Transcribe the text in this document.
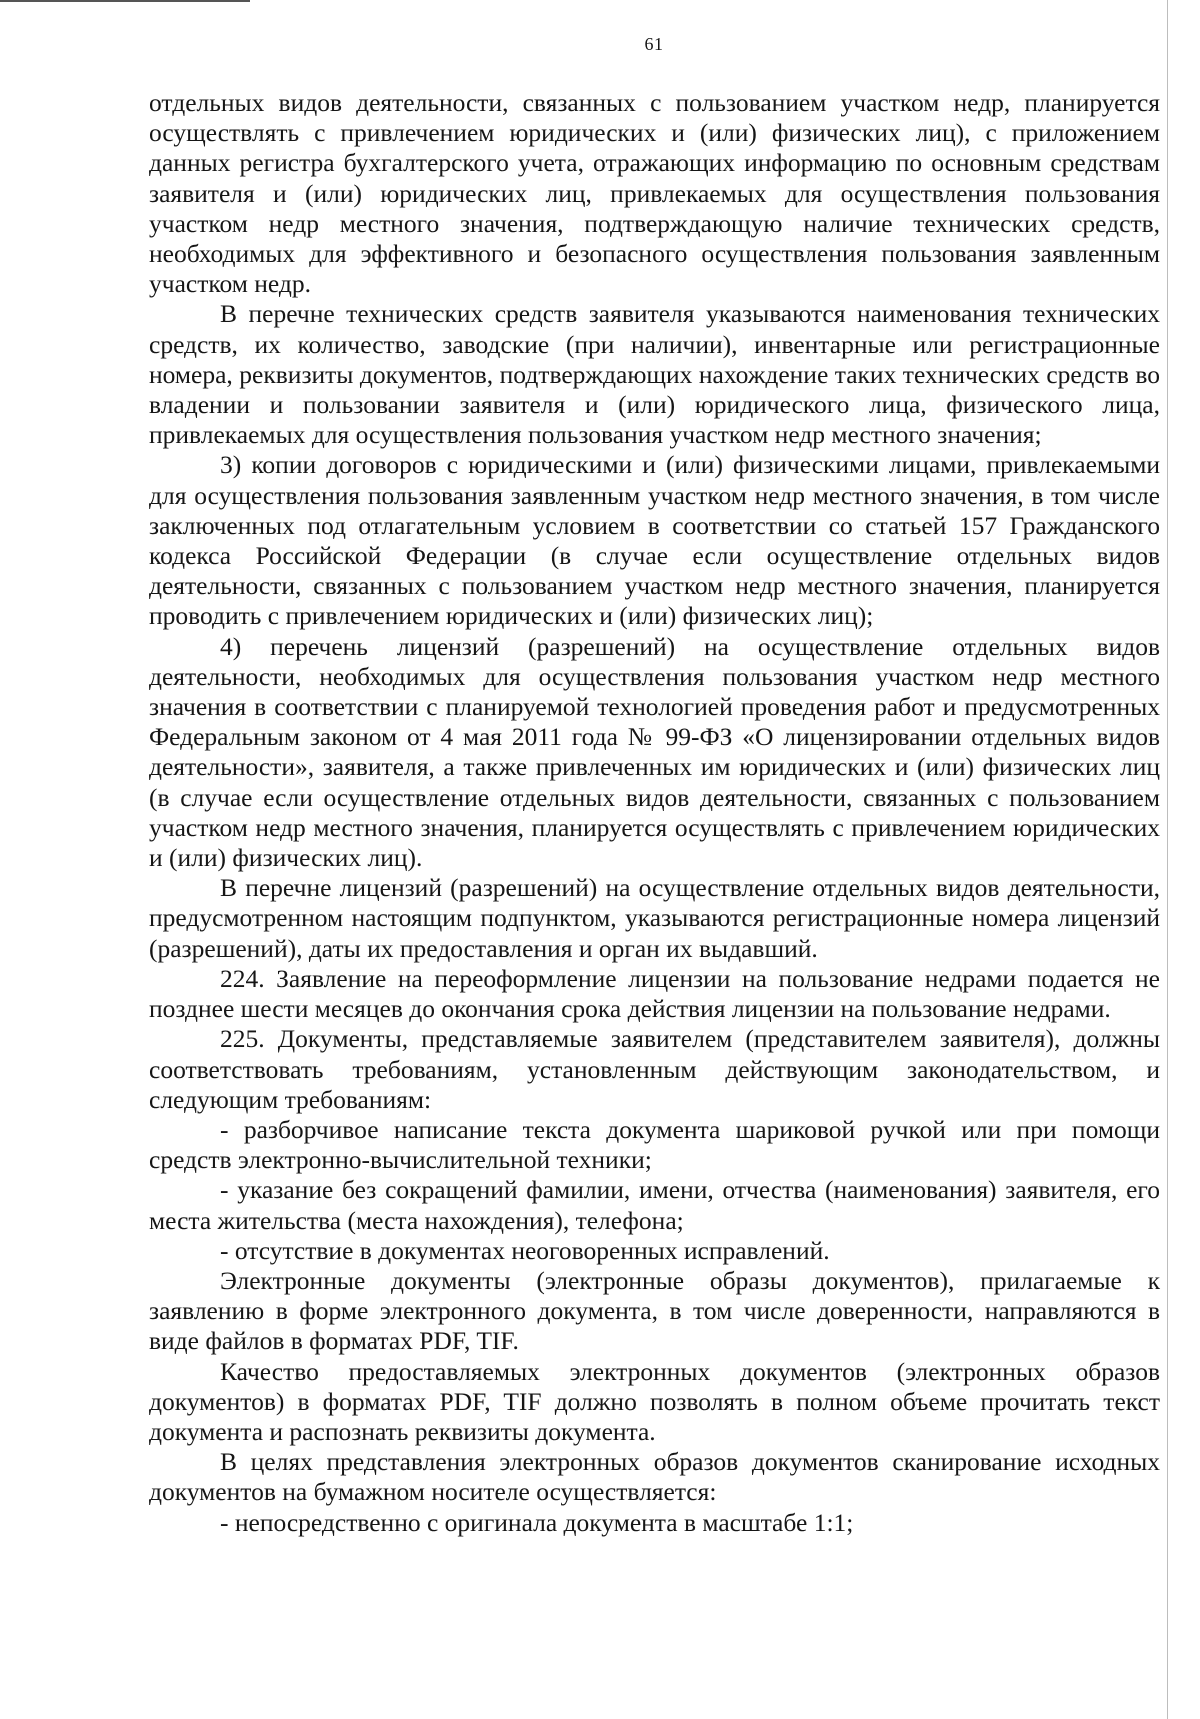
61

отдельных видов деятельности, связанных с пользованием участком недр, планируется осуществлять с привлечением юридических и (или) физических лиц), с приложением данных регистра бухгалтерского учета, отражающих информацию по основным средствам заявителя и (или) юридических лиц, привлекаемых для осуществления пользования участком недр местного значения, подтверждающую наличие технических средств, необходимых для эффективного и безопасного осуществления пользования заявленным участком недр.

В перечне технических средств заявителя указываются наименования технических средств, их количество, заводские (при наличии), инвентарные или регистрационные номера, реквизиты документов, подтверждающих нахождение таких технических средств во владении и пользовании заявителя и (или) юридического лица, физического лица, привлекаемых для осуществления пользования участком недр местного значения;

3) копии договоров с юридическими и (или) физическими лицами, привлекаемыми для осуществления пользования заявленным участком недр местного значения, в том числе заключенных под отлагательным условием в соответствии со статьей 157 Гражданского кодекса Российской Федерации (в случае если осуществление отдельных видов деятельности, связанных с пользованием участком недр местного значения, планируется проводить с привлечением юридических и (или) физических лиц);

4) перечень лицензий (разрешений) на осуществление отдельных видов деятельности, необходимых для осуществления пользования участком недр местного значения в соответствии с планируемой технологией проведения работ и предусмотренных Федеральным законом от 4 мая 2011 года № 99-ФЗ «О лицензировании отдельных видов деятельности», заявителя, а также привлеченных им юридических и (или) физических лиц (в случае если осуществление отдельных видов деятельности, связанных с пользованием участком недр местного значения, планируется осуществлять с привлечением юридических и (или) физических лиц).

В перечне лицензий (разрешений) на осуществление отдельных видов деятельности, предусмотренном настоящим подпунктом, указываются регистрационные номера лицензий (разрешений), даты их предоставления и орган их выдавший.

224. Заявление на переоформление лицензии на пользование недрами подается не позднее шести месяцев до окончания срока действия лицензии на пользование недрами.

225. Документы, представляемые заявителем (представителем заявителя), должны соответствовать требованиям, установленным действующим законодательством, и следующим требованиям:

- разборчивое написание текста документа шариковой ручкой или при помощи средств электронно-вычислительной техники;

- указание без сокращений фамилии, имени, отчества (наименования) заявителя, его места жительства (места нахождения), телефона;

- отсутствие в документах неоговоренных исправлений.

Электронные документы (электронные образы документов), прилагаемые к заявлению в форме электронного документа, в том числе доверенности, направляются в виде файлов в форматах PDF, TIF.

Качество предоставляемых электронных документов (электронных образов документов) в форматах PDF, TIF должно позволять в полном объеме прочитать текст документа и распознать реквизиты документа.

В целях представления электронных образов документов сканирование исходных документов на бумажном носителе осуществляется:

- непосредственно с оригинала документа в масштабе 1:1;
